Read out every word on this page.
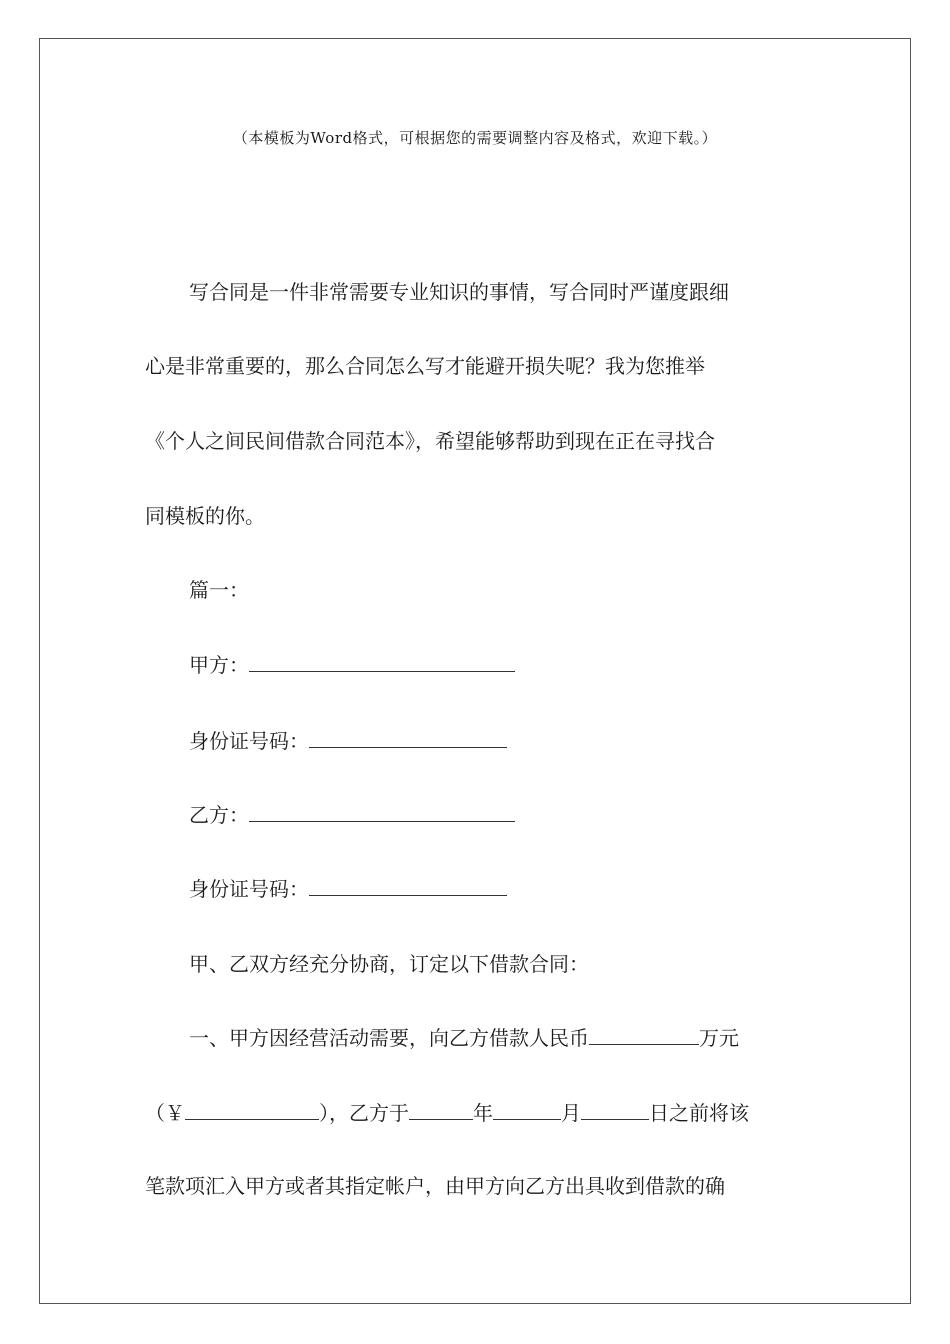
（本模板为Word格式，可根据您的需要调整内容及格式，欢迎下载。）
写合同是一件非常需要专业知识的事情，写合同时严谨度跟细
心是非常重要的，那么合同怎么写才能避开损失呢？我为您推举
《个人之间民间借款合同范本》，希望能够帮助到现在正在寻找合
同模板的你。
篇一：
甲方：
身份证号码：
乙方：
身份证号码：
甲、乙双方经充分协商，订定以下借款合同：
一、甲方因经营活动需要，向乙方借款人民币	万元
（￥	），乙方于	年	月	日之前将该
笔款项汇入甲方或者其指定帐户，由甲方向乙方出具收到借款的确
